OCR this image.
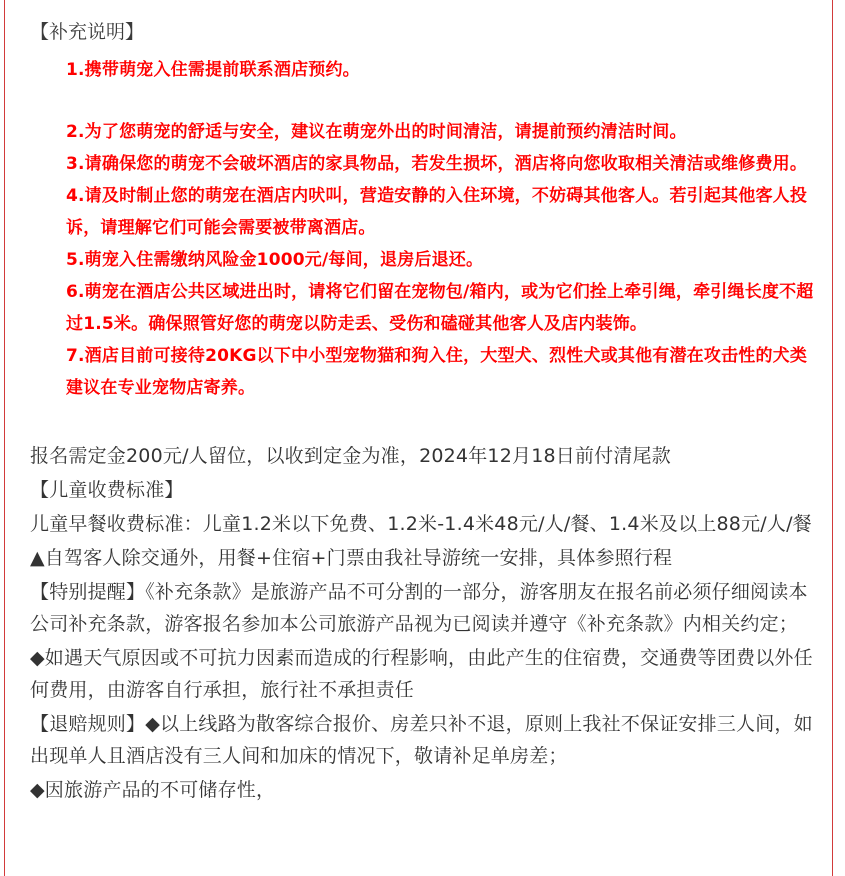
【补充说明】

1.携带萌宠入住需提前联系酒店预约。
2.为了您萌宠的舒适与安全，建议在萌宠外出的时间清洁，请提前预约清洁时间。
3.请确保您的萌宠不会破坏酒店的家具物品，若发生损坏，酒店将向您收取相关清洁或维修费用。
4.请及时制止您的萌宠在酒店内吠叫，营造安静的入住环境，不妨碍其他客人。若引起其他客人投诉，请理解它们可能会需要被带离酒店。
5.萌宠入住需缴纳风险金1000元/每间，退房后退还。
6.萌宠在酒店公共区域进出时，请将它们留在宠物包/箱内，或为它们拴上牵引绳，牵引绳长度不超过1.5米。确保照管好您的萌宠以防走丢、受伤和磕碰其他客人及店内装饰。
7.酒店目前可接待20KG以下中小型宠物猫和狗入住，大型犬、烈性犬或其他有潜在攻击性的犬类建议在专业宠物店寄养。

报名需定金200元/人留位，以收到定金为准，2024年12月18日前付清尾款

【儿童收费标准】

儿童早餐收费标准：儿童1.2米以下免费、1.2米-1.4米48元/人/餐、1.4米及以上88元/人/餐

▲自驾客人除交通外，用餐+住宿+门票由我社导游统一安排，具体参照行程

【特别提醒】《补充条款》是旅游产品不可分割的一部分，游客朋友在报名前必须仔细阅读本公司补充条款，游客报名参加本公司旅游产品视为已阅读并遵守《补充条款》内相关约定；

◆如遇天气原因或不可抗力因素而造成的行程影响，由此产生的住宿费，交通费等团费以外任何费用，由游客自行承担，旅行社不承担责任

【退赔规则】◆以上线路为散客综合报价、房差只补不退，原则上我社不保证安排三人间，如出现单人且酒店没有三人间和加床的情况下，敬请补足单房差；

◆因旅游产品的不可储存性，
